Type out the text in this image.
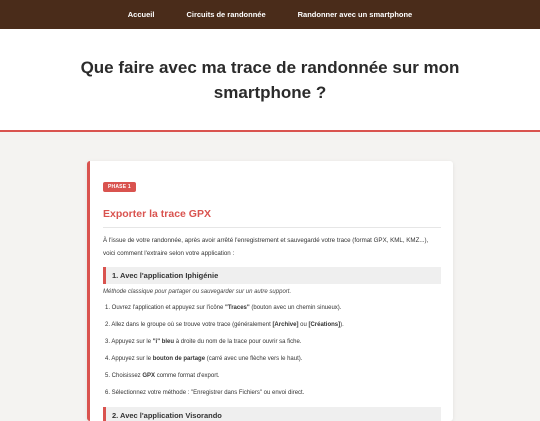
Accueil	Circuits de randonnée	Randonner avec un smartphone
Que faire avec ma trace de randonnée sur mon smartphone ?
PHASE 1
Exporter la trace GPX

À l'issue de votre randonnée, après avoir arrêté l'enregistrement et sauvegardé votre trace (format GPX, KML, KMZ...), voici comment l'extraire selon votre application :

1. Avec l'application Iphigénie

Méthode classique pour partager ou sauvegarder sur un autre support.

1. Ouvrez l'application et appuyez sur l'icône "Traces" (bouton avec un chemin sinueux).
2. Allez dans le groupe où se trouve votre trace (généralement [Archive] ou [Créations]).
3. Appuyez sur le "i" bleu à droite du nom de la trace pour ouvrir sa fiche.
4. Appuyez sur le bouton de partage (carré avec une flèche vers le haut).
5. Choisissez GPX comme format d'export.
6. Sélectionnez votre méthode : "Enregistrer dans Fichiers" ou envoi direct.
2. Avec l'application Visorando
